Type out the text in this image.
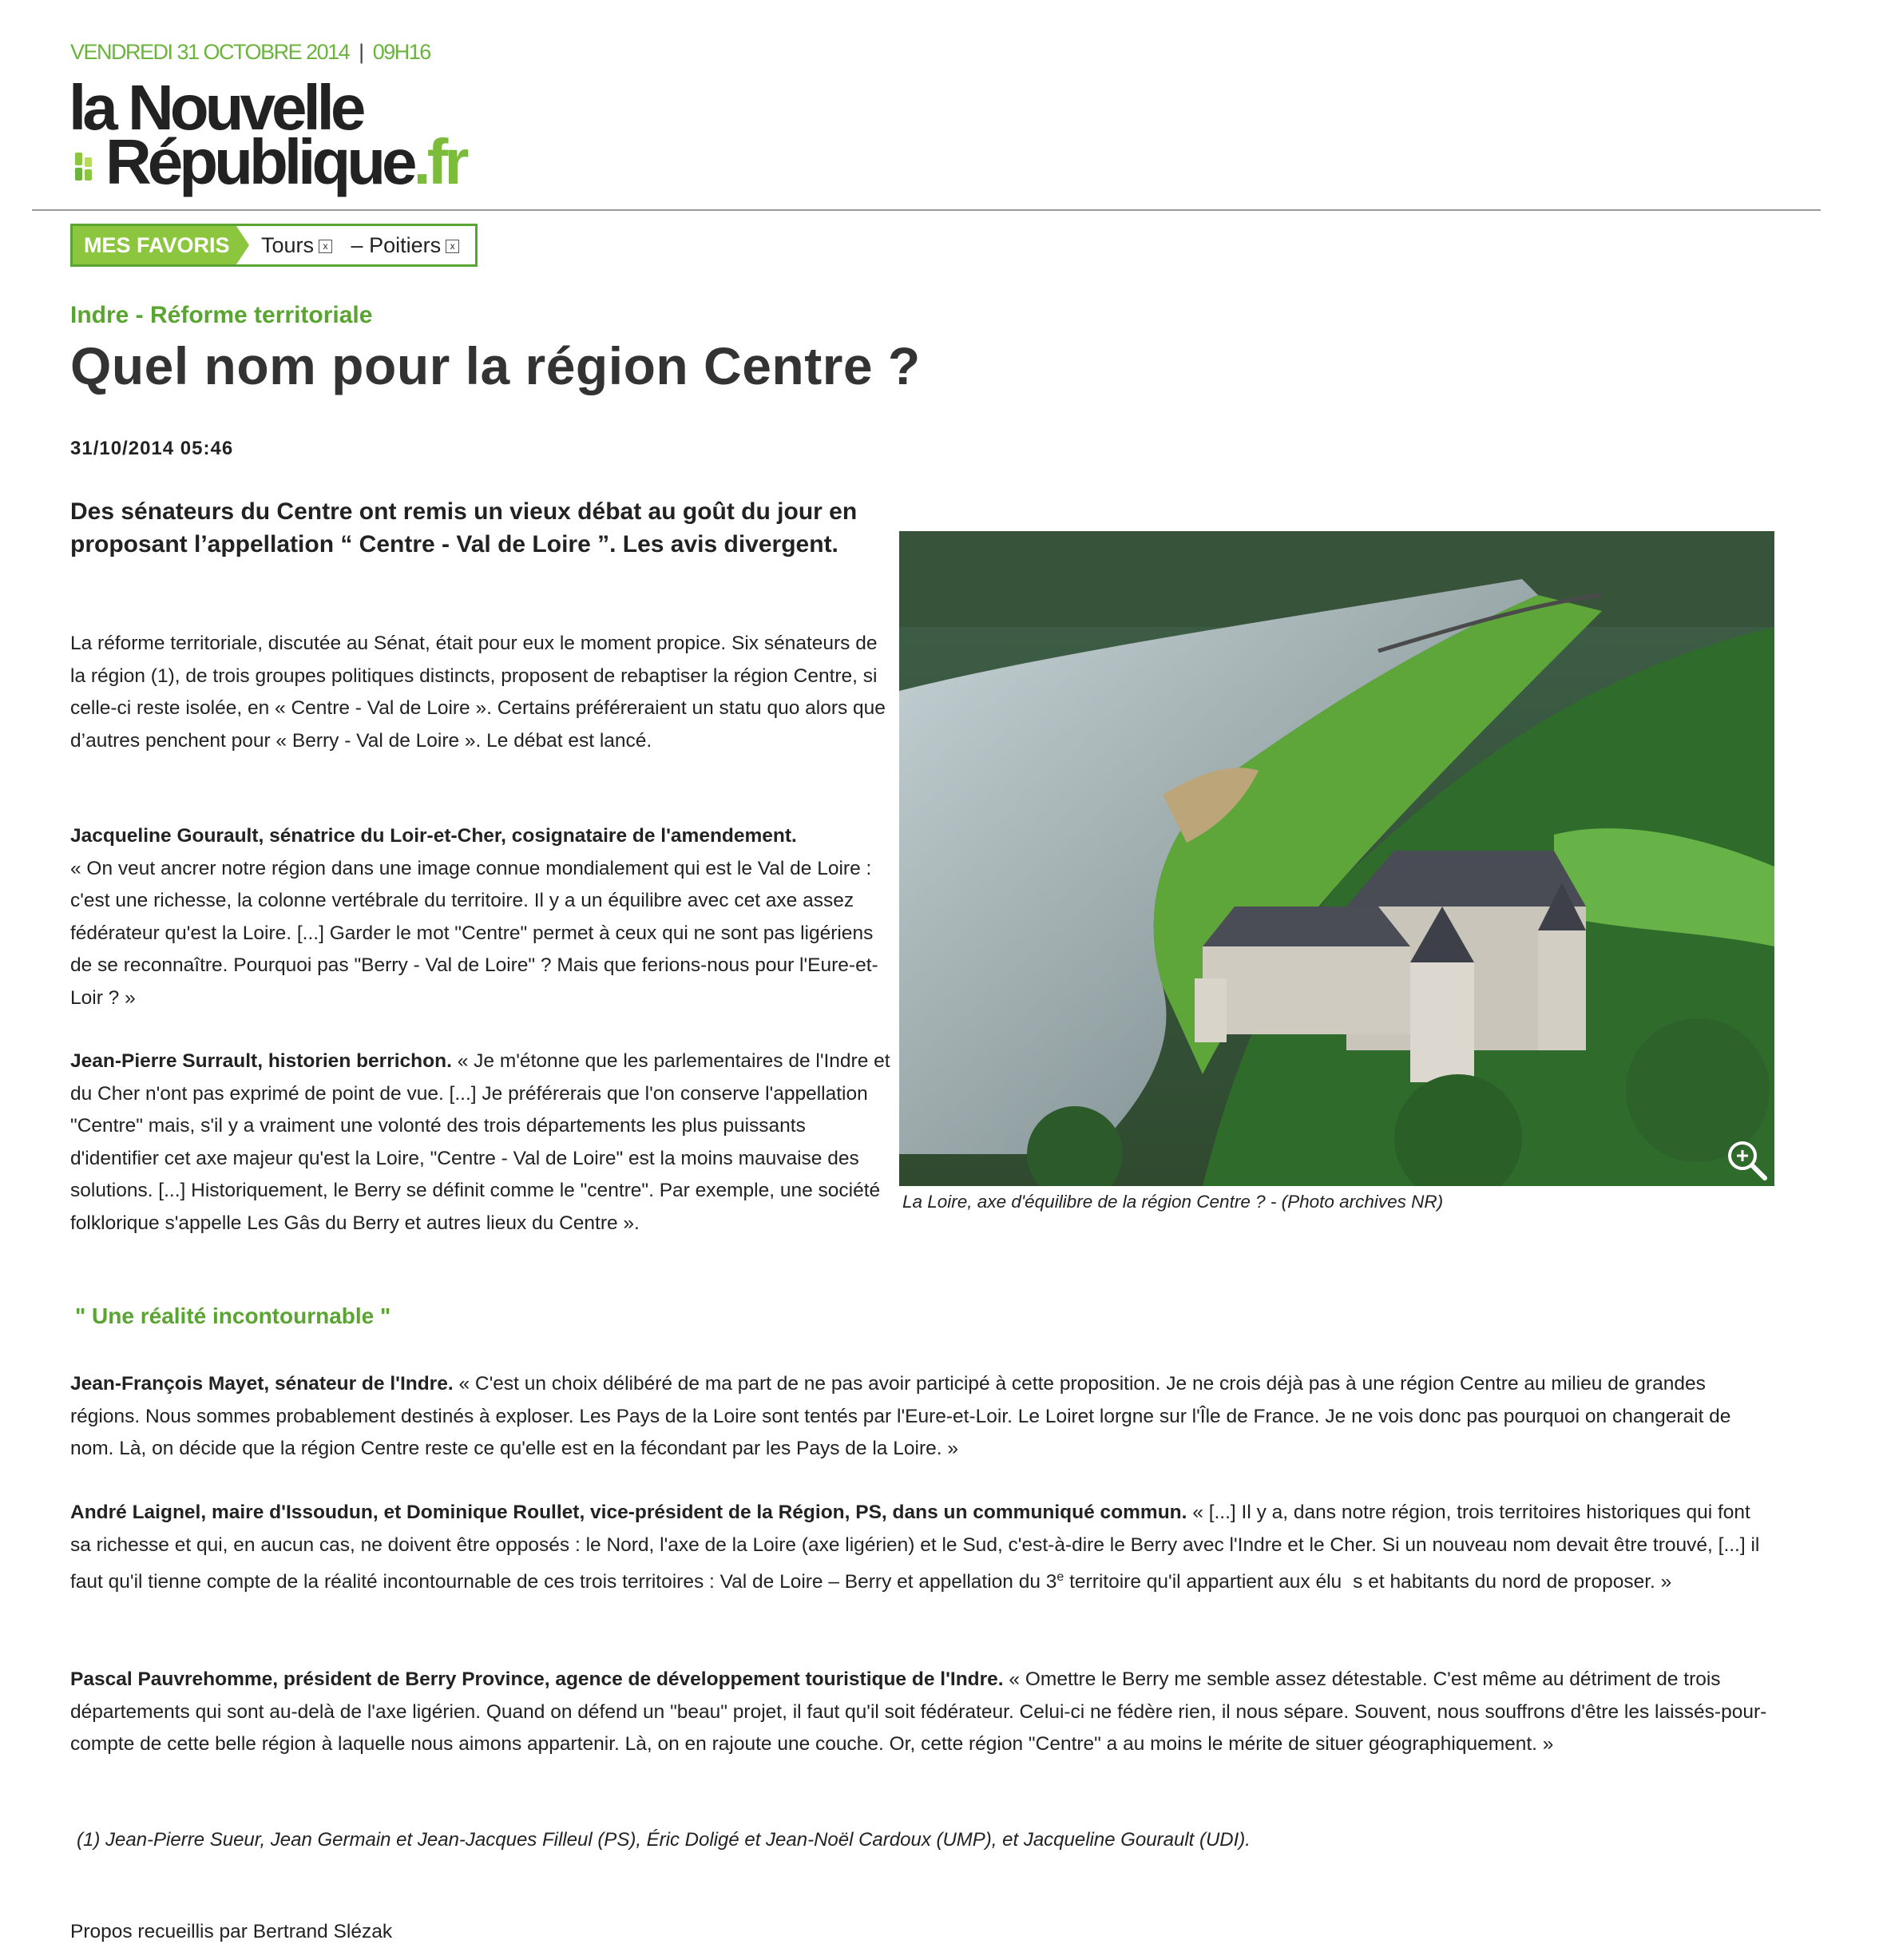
VENDREDI 31 OCTOBRE 2014 | 09H16
la Nouvelle
République.fr
MES FAVORIS	Tours x – Poitiers x
Indre - Réforme territoriale
Quel nom pour la région Centre ?
31/10/2014 05:46

Des sénateurs du Centre ont remis un vieux débat au goût du jour en proposant l’appellation “ Centre - Val de Loire ”. Les avis divergent.

La réforme territoriale, discutée au Sénat, était pour eux le moment propice. Six sénateurs de la région (1), de trois groupes politiques distincts, proposent de rebaptiser la région Centre, si celle-ci reste isolée, en « Centre - Val de Loire ». Certains préféreraient un statu quo alors que d’autres penchent pour « Berry - Val de Loire ». Le débat est lancé.

Jacqueline Gourault, sénatrice du Loir-et-Cher, cosignataire de l'amendement.
« On veut ancrer notre région dans une image connue mondialement qui est le Val de Loire : c'est une richesse, la colonne vertébrale du territoire. Il y a un équilibre avec cet axe assez fédérateur qu'est la Loire. [...] Garder le mot "Centre" permet à ceux qui ne sont pas ligériens de se reconnaître. Pourquoi pas "Berry - Val de Loire" ? Mais que ferions-nous pour l'Eure-et-Loir ? »

Jean-Pierre Surrault, historien berrichon. « Je m'étonne que les parlementaires de l'Indre et du Cher n'ont pas exprimé de point de vue. [...] Je préférerais que l'on conserve l'appellation "Centre" mais, s'il y a vraiment une volonté des trois départements les plus puissants d'identifier cet axe majeur qu'est la Loire, "Centre - Val de Loire" est la moins mauvaise des solutions. [...] Historiquement, le Berry se définit comme le "centre". Par exemple, une société folklorique s'appelle Les Gâs du Berry et autres lieux du Centre ».

La Loire, axe d'équilibre de la région Centre ? - (Photo archives NR)
" Une réalité incontournable "

Jean-François Mayet, sénateur de l'Indre. « C'est un choix délibéré de ma part de ne pas avoir participé à cette proposition. Je ne crois déjà pas à une région Centre au milieu de grandes régions. Nous sommes probablement destinés à exploser. Les Pays de la Loire sont tentés par l'Eure-et-Loir. Le Loiret lorgne sur l'Île de France. Je ne vois donc pas pourquoi on changerait de nom. Là, on décide que la région Centre reste ce qu'elle est en la fécondant par les Pays de la Loire. »

André Laignel, maire d'Issoudun, et Dominique Roullet, vice-président de la Région, PS, dans un communiqué commun. « [...] Il y a, dans notre région, trois territoires historiques qui font sa richesse et qui, en aucun cas, ne doivent être opposés : le Nord, l'axe de la Loire (axe ligérien) et le Sud, c'est-à-dire le Berry avec l'Indre et le Cher. Si un nouveau nom devait être trouvé, [...] il faut qu'il tienne compte de la réalité incontournable de ces trois territoires : Val de Loire – Berry et appellation du 3e territoire qu'il appartient aux élu s et habitants du nord de proposer. »

Pascal Pauvrehomme, président de Berry Province, agence de développement touristique de l'Indre. « Omettre le Berry me semble assez détestable. C'est même au détriment de trois départements qui sont au-delà de l'axe ligérien. Quand on défend un "beau" projet, il faut qu'il soit fédérateur. Celui-ci ne fédère rien, il nous sépare. Souvent, nous souffrons d'être les laissés-pour-compte de cette belle région à laquelle nous aimons appartenir. Là, on en rajoute une couche. Or, cette région "Centre" a au moins le mérite de situer géographiquement. »

(1) Jean-Pierre Sueur, Jean Germain et Jean-Jacques Filleul (PS), Éric Doligé et Jean-Noël Cardoux (UMP), et Jacqueline Gourault (UDI).
Propos recueillis par Bertrand Slézak
